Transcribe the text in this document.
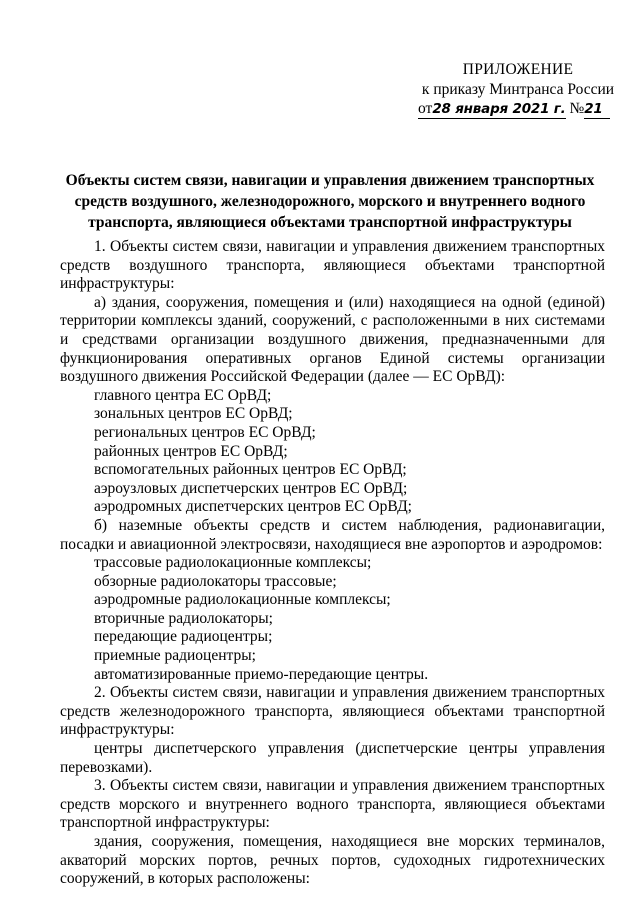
ПРИЛОЖЕНИЕ
к приказу Минтранса России
от28 января 2021 г. №21
Объекты систем связи, навигации и управления движением транспортных
средств воздушного, железнодорожного, морского и внутреннего водного
транспорта, являющиеся объектами транспортной инфраструктуры

1. Объекты систем связи, навигации и управления движением транспортных средств воздушного транспорта, являющиеся объектами транспортной инфраструктуры:

а) здания, сооружения, помещения и (или) находящиеся на одной (единой) территории комплексы зданий, сооружений, с расположенными в них системами и средствами организации воздушного движения, предназначенными для функционирования оперативных органов Единой системы организации воздушного движения Российской Федерации (далее — ЕС ОрВД):

главного центра ЕС ОрВД;

зональных центров ЕС ОрВД;

региональных центров ЕС ОрВД;

районных центров ЕС ОрВД;

вспомогательных районных центров ЕС ОрВД;

аэроузловых диспетчерских центров ЕС ОрВД;

аэродромных диспетчерских центров ЕС ОрВД;

б) наземные объекты средств и систем наблюдения, радионавигации, посадки и авиационной электросвязи, находящиеся вне аэропортов и аэродромов:

трассовые радиолокационные комплексы;

обзорные радиолокаторы трассовые;

аэродромные радиолокационные комплексы;

вторичные радиолокаторы;

передающие радиоцентры;

приемные радиоцентры;

автоматизированные приемо-передающие центры.

2. Объекты систем связи, навигации и управления движением транспортных средств железнодорожного транспорта, являющиеся объектами транспортной инфраструктуры:

центры диспетчерского управления (диспетчерские центры управления перевозками).

3. Объекты систем связи, навигации и управления движением транспортных средств морского и внутреннего водного транспорта, являющиеся объектами транспортной инфраструктуры:

здания, сооружения, помещения, находящиеся вне морских терминалов, акваторий морских портов, речных портов, судоходных гидротехнических сооружений, в которых расположены:
